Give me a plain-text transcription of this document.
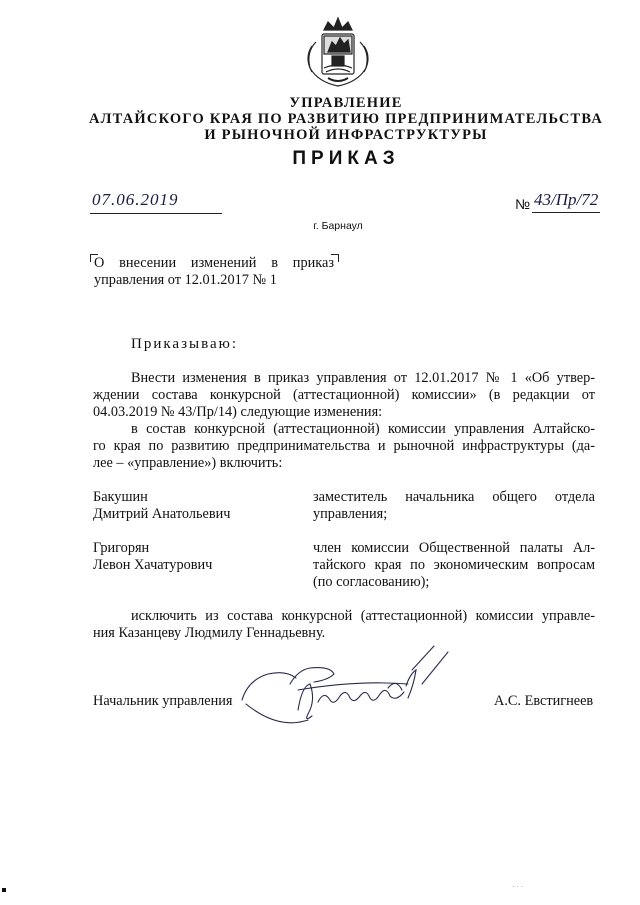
УПРАВЛЕНИЕ
АЛТАЙСКОГО КРАЯ ПО РАЗВИТИЮ ПРЕДПРИНИМАТЕЛЬСТВА
И РЫНОЧНОЙ ИНФРАСТРУКТУРЫ
ПРИКАЗ
07.06.2019	№ 43/Пр/72
г. Барнаул
О внесении изменений в приказ
управления от 12.01.2017 № 1
Приказываю:
Внести изменения в приказ управления от 12.01.2017 № 1 «Об утвер-
ждении состава конкурсной (аттестационной) комиссии» (в редакции от
04.03.2019 № 43/Пр/14) следующие изменения:
в состав конкурсной (аттестационной) комиссии управления Алтайско-
го края по развитию предпринимательства и рыночной инфраструктуры (да-
лее – «управление») включить:
Бакушин
Дмитрий Анатольевич
заместитель начальника общего отдела
управления;
Григорян
Левон Хачатурович
член комиссии Общественной палаты Ал-
тайского края по экономическим вопросам
(по согласованию);
исключить из состава конкурсной (аттестационной) комиссии управле-
ния Казанцеву Людмилу Геннадьевну.
Начальник управления	А.С. Евстигнеев
. . .
